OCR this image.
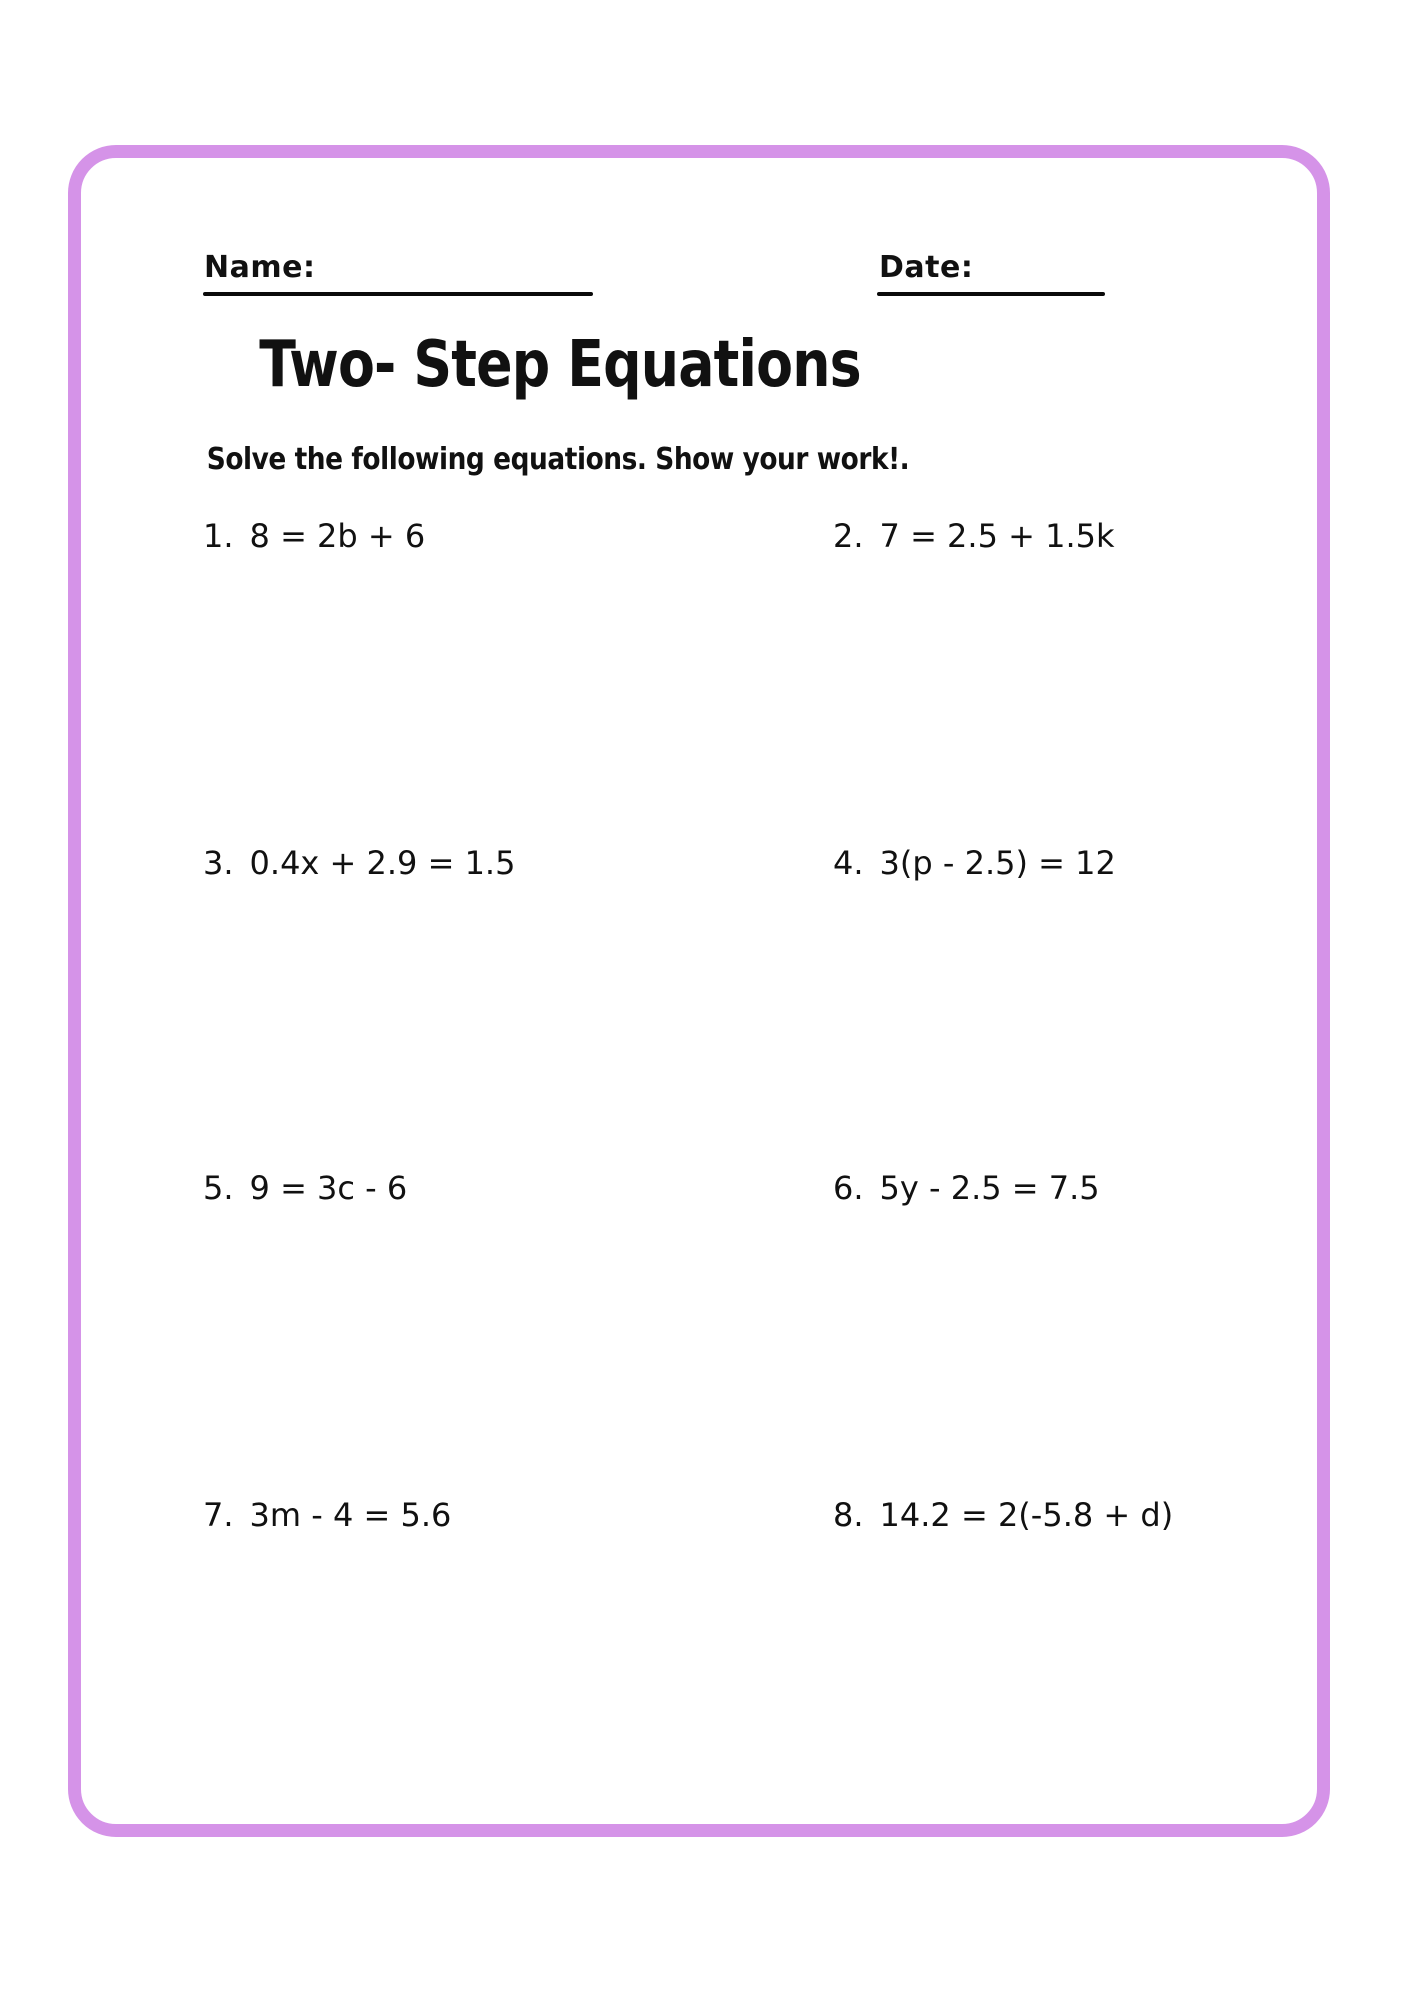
Name:	Date:
Two- Step Equations
Solve the following equations. Show your work!.
1. 8 = 2b + 6	2. 7 = 2.5 + 1.5k
3. 0.4x + 2.9 = 1.5	4. 3(p - 2.5) = 12
5. 9 = 3c - 6	6. 5y - 2.5 = 7.5
7. 3m - 4 = 5.6	8. 14.2 = 2(-5.8 + d)
